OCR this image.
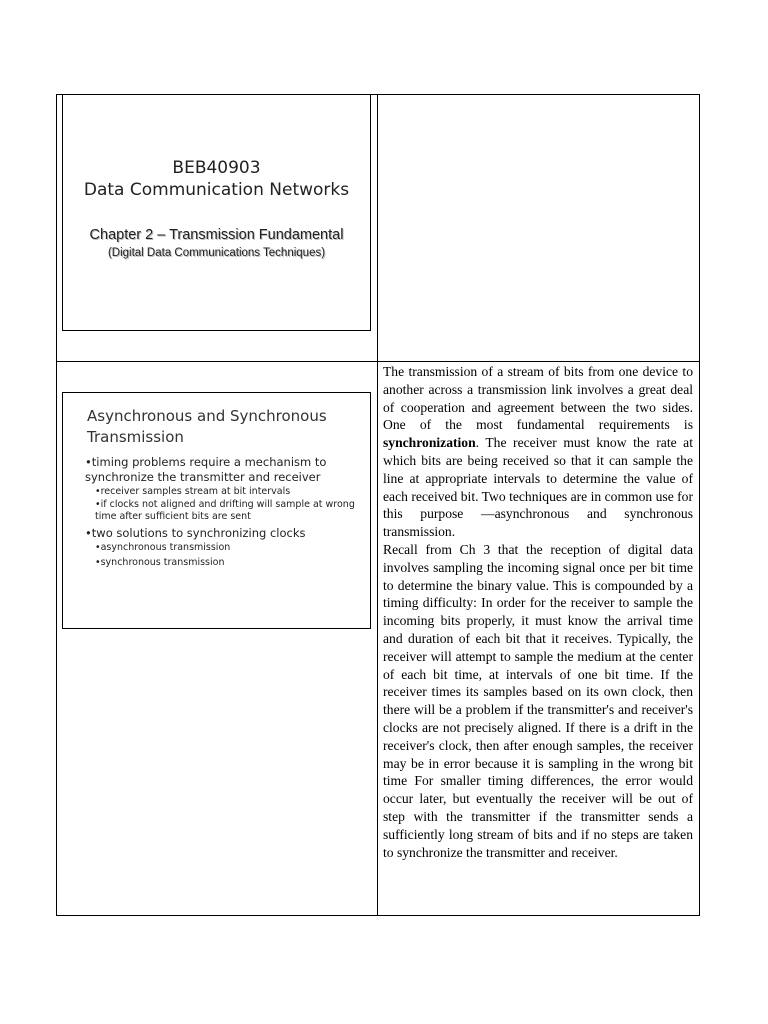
BEB40903
Data Communication Networks
Chapter 2 – Transmission Fundamental
(Digital Data Communications Techniques)
Asynchronous and Synchronous Transmission
•timing problems require a mechanism to synchronize the transmitter and receiver
•receiver samples stream at bit intervals
•if clocks not aligned and drifting will sample at wrong time after sufficient bits are sent
•two solutions to synchronizing clocks
•asynchronous transmission
•synchronous transmission

The transmission of a stream of bits from one device to another across a transmission link involves a great deal of cooperation and agreement between the two sides. One of the most fundamental requirements is synchronization. The receiver must know the rate at which bits are being received so that it can sample the line at appropriate intervals to determine the value of each received bit. Two techniques are in common use for this purpose —asynchronous and synchronous transmission.

Recall from Ch 3 that the reception of digital data involves sampling the incoming signal once per bit time to determine the binary value. This is compounded by a timing difficulty: In order for the receiver to sample the incoming bits properly, it must know the arrival time and duration of each bit that it receives. Typically, the receiver will attempt to sample the medium at the center of each bit time, at intervals of one bit time. If the receiver times its samples based on its own clock, then there will be a problem if the transmitter's and receiver's clocks are not precisely aligned. If there is a drift in the receiver's clock, then after enough samples, the receiver may be in error because it is sampling in the wrong bit time For smaller timing differences, the error would occur later, but eventually the receiver will be out of step with the transmitter if the transmitter sends a sufficiently long stream of bits and if no steps are taken to synchronize the transmitter and receiver.
